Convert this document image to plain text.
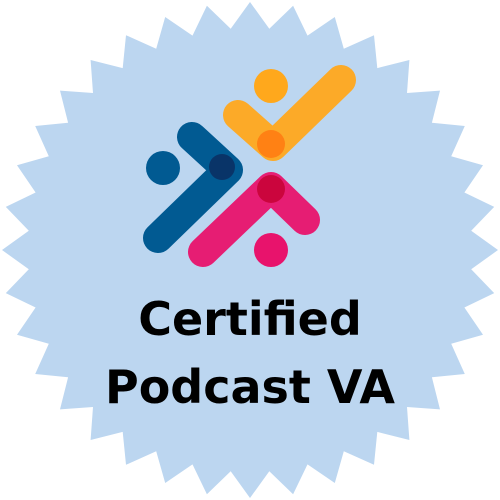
Certified
Podcast VA
